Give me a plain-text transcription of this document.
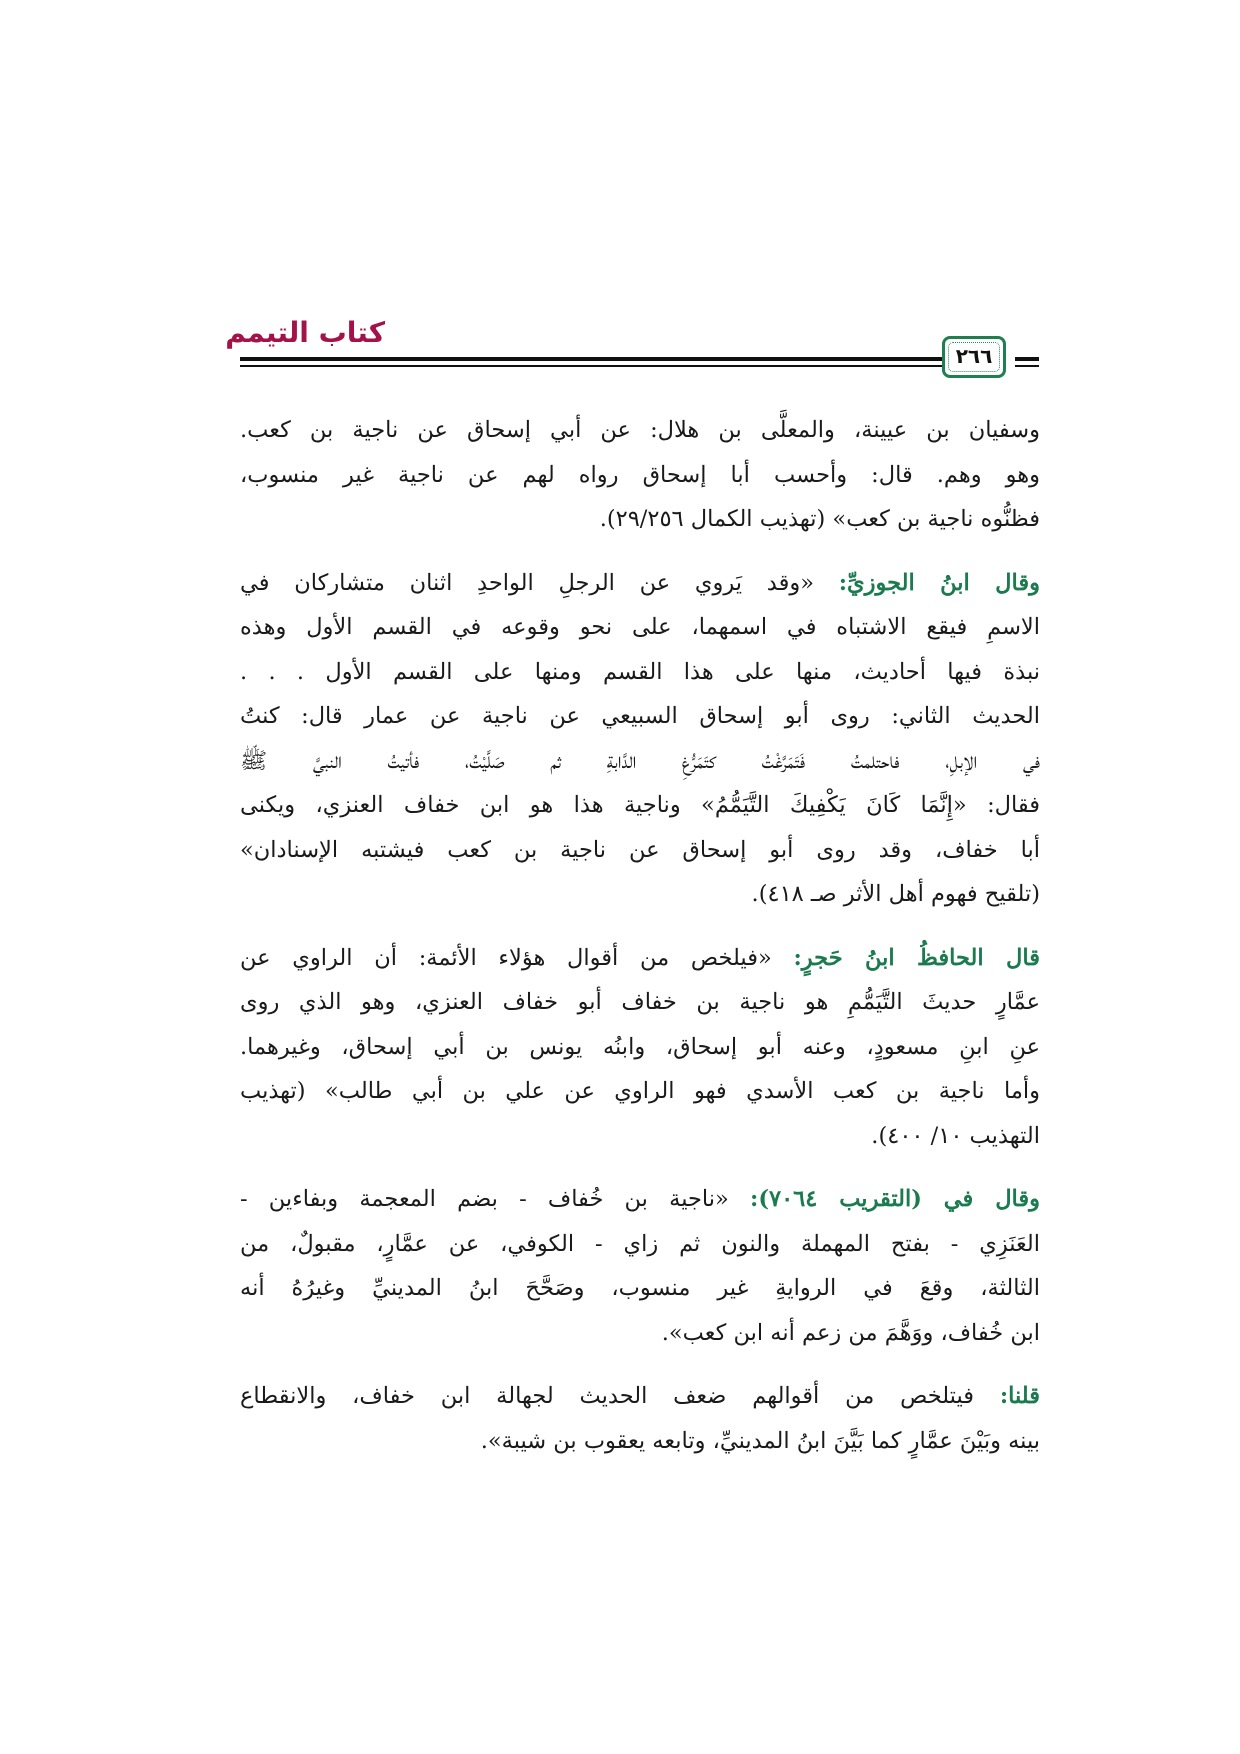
كتاب التيمم
٢٦٦
وسفيان بن عيينة، والمعلَّى بن هلال: عن أبي إسحاق عن ناجية بن كعب.
وهو وهم. قال: وأحسب أبا إسحاق رواه لهم عن ناجية غير منسوب،
فظنُّوه ناجية بن كعب» (تهذيب الكمال ٢٩/٢٥٦).
وقال ابنُ الجوزيِّ: «وقد يَروي عن الرجلِ الواحدِ اثنان متشاركان في
الاسمِ فيقع الاشتباه في اسمهما، على نحو وقوعه في القسم الأول وهذه
نبذة فيها أحاديث، منها على هذا القسم ومنها على القسم الأول . . .
الحديث الثاني: روى أبو إسحاق السبيعي عن ناجية عن عمار قال: كنتُ
في الإبلِ، فاحتلمتُ فَتَمَرَّغْتُ كتَمَرُّغِ الدَّابةِ ثم صَلَّيْتُ، فأتيتُ النبيَّ ﷺ
فقال: «إِنَّمَا كَانَ يَكْفِيكَ التَّيَمُّمُ» وناجية هذا هو ابن خفاف العنزي، ويكنى
أبا خفاف، وقد روى أبو إسحاق عن ناجية بن كعب فيشتبه الإسنادان»
(تلقيح فهوم أهل الأثر صـ ٤١٨).
قال الحافظُ ابنُ حَجرٍ: «فيلخص من أقوال هؤلاء الأئمة: أن الراوي عن
عمَّارٍ حديثَ التَّيَمُّمِ هو ناجية بن خفاف أبو خفاف العنزي، وهو الذي روى
عنِ ابنِ مسعودٍ، وعنه أبو إسحاق، وابنُه يونس بن أبي إسحاق، وغيرهما.
وأما ناجية بن كعب الأسدي فهو الراوي عن علي بن أبي طالب» (تهذيب
التهذيب ١٠/ ٤٠٠).
وقال في (التقريب ٧٠٦٤): «ناجية بن خُفاف - بضم المعجمة وبفاءين -
العَنَزِي - بفتح المهملة والنون ثم زاي - الكوفي، عن عمَّارٍ، مقبولٌ، من
الثالثة، وقعَ في الروايةِ غير منسوب، وصَحَّحَ ابنُ المدينيِّ وغيرُهُ أنه
ابن خُفاف، ووَهَّمَ من زعم أنه ابن كعب».
قلنا: فيتلخص من أقوالهم ضعف الحديث لجهالة ابن خفاف، والانقطاع
بينه وبَيْنَ عمَّارٍ كما بَيَّنَ ابنُ المدينيِّ، وتابعه يعقوب بن شيبة».
